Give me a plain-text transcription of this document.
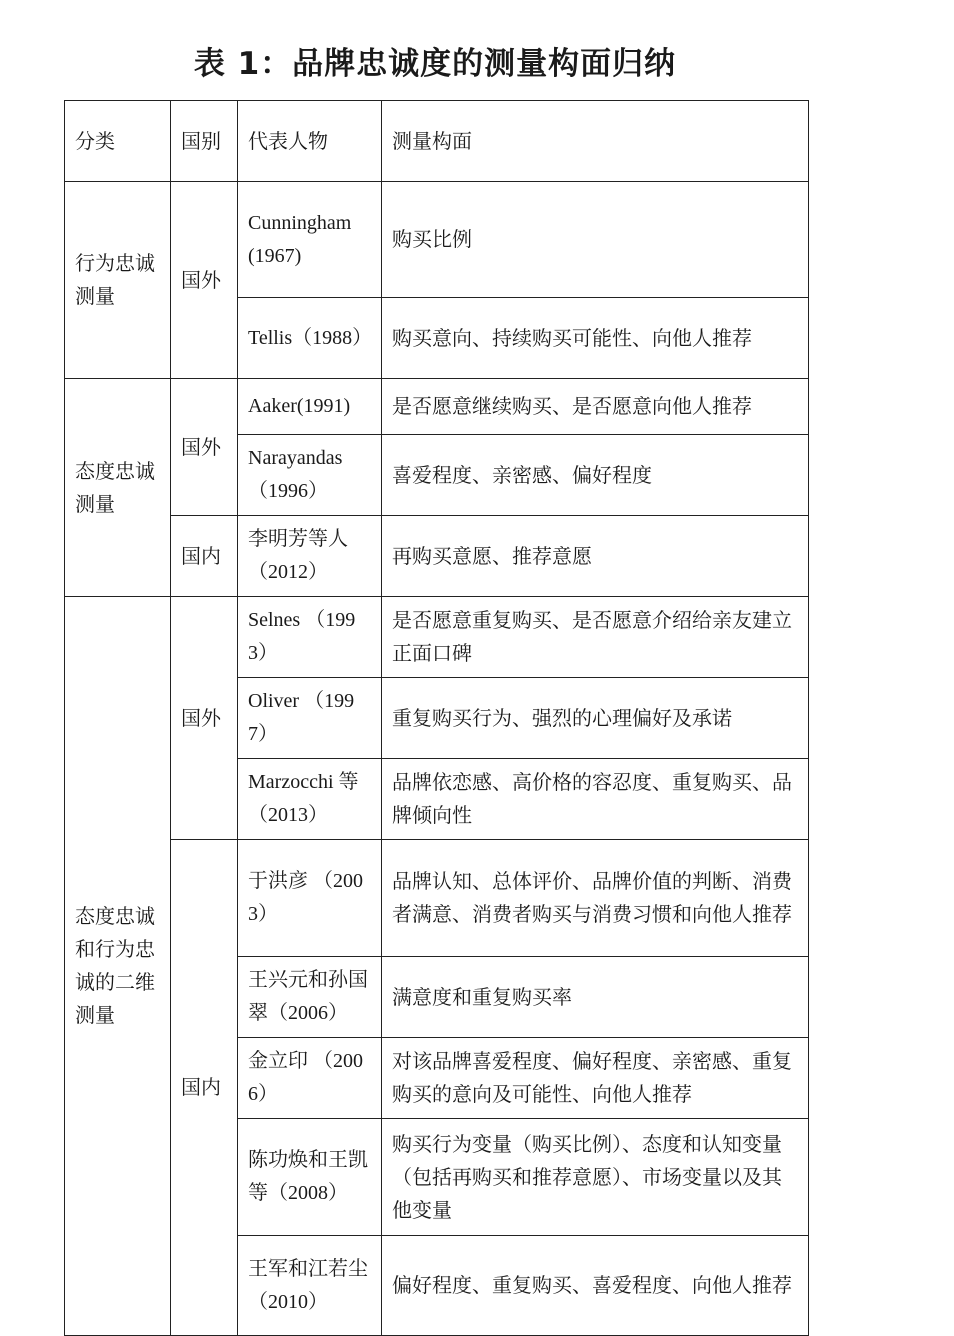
表 1：品牌忠诚度的测量构面归纳
分类	国别	代表人物	测量构面
行为忠诚测量	国外	Cunningham (1967)	购买比例
		Tellis（1988）	购买意向、持续购买可能性、向他人推荐
态度忠诚测量	国外	Aaker(1991)	是否愿意继续购买、是否愿意向他人推荐
		Narayandas （1996）	喜爱程度、亲密感、偏好程度
	国内	李明芳等人（2012）	再购买意愿、推荐意愿
态度忠诚和行为忠诚的二维测量	国外	Selnes （1993）	是否愿意重复购买、是否愿意介绍给亲友建立正面口碑
		Oliver （1997）	重复购买行为、强烈的心理偏好及承诺
		Marzocchi 等（2013）	品牌依恋感、高价格的容忍度、重复购买、品牌倾向性
	国内	于洪彦 （2003）	品牌认知、总体评价、品牌价值的判断、消费者满意、消费者购买与消费习惯和向他人推荐
		王兴元和孙国翠（2006）	满意度和重复购买率
		金立印 （2006）	对该品牌喜爱程度、偏好程度、亲密感、重复购买的意向及可能性、向他人推荐
		陈功焕和王凯等（2008）	购买行为变量（购买比例）、态度和认知变量（包括再购买和推荐意愿）、市场变量以及其他变量
		王军和江若尘（2010）	偏好程度、重复购买、喜爱程度、向他人推荐
